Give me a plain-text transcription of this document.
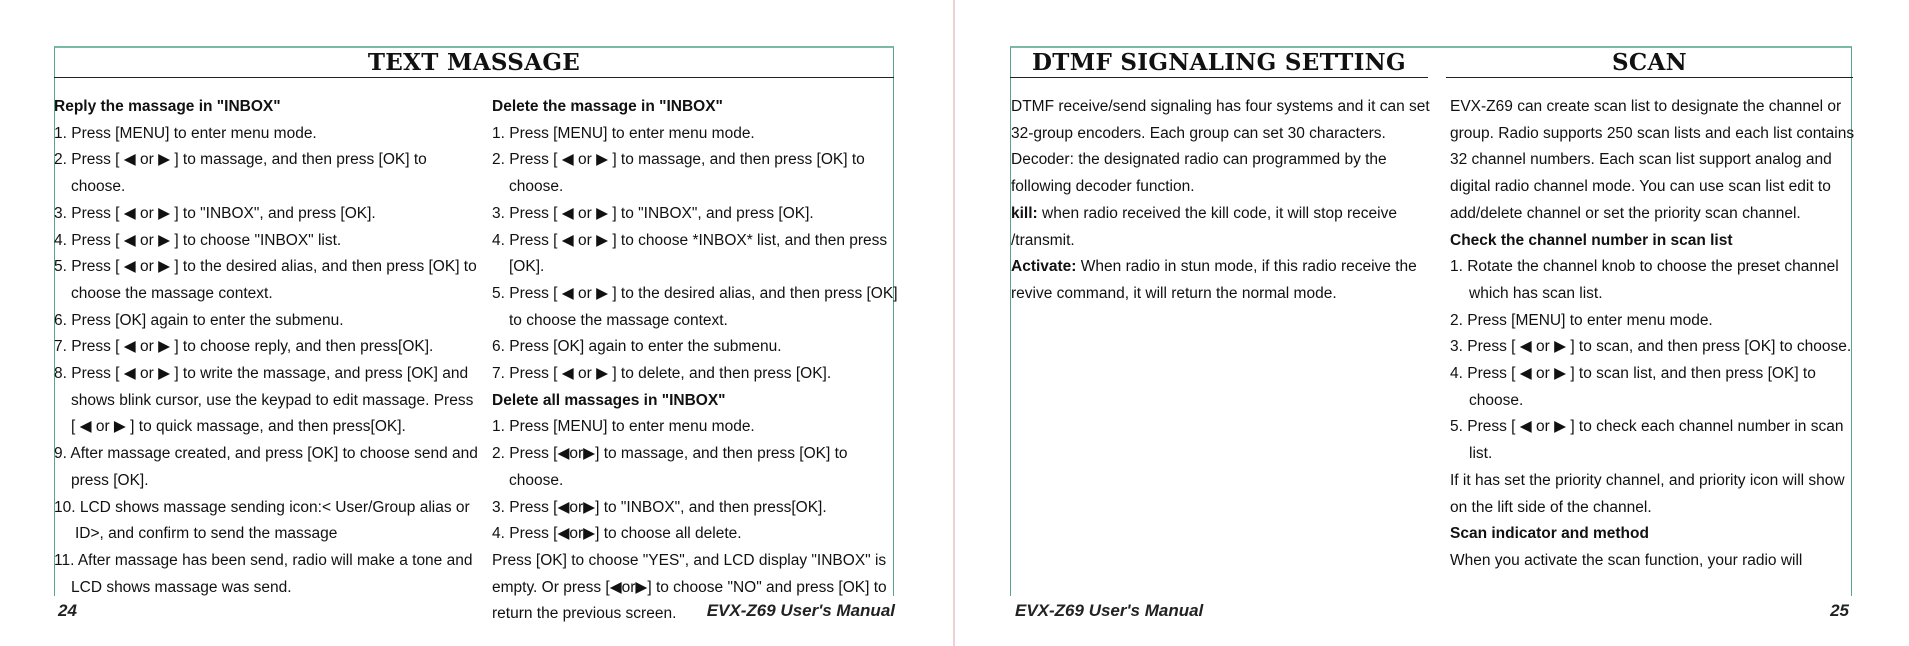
TEXT MASSAGE

Reply the massage in "INBOX"

1. Press [MENU] to enter menu mode.

2. Press [ ◀ or ▶ ] to massage, and then press [OK] to choose.

3. Press [ ◀ or ▶ ] to "INBOX", and press [OK].

4. Press [ ◀ or ▶ ] to choose "INBOX" list.

5. Press [ ◀ or ▶ ] to the desired alias, and then press [OK] to choose the massage context.

6. Press [OK] again to enter the submenu.

7. Press [ ◀ or ▶ ] to choose reply, and then press[OK].

8. Press [ ◀ or ▶ ] to write the massage, and press [OK] and shows blink cursor, use the keypad to edit massage. Press [ ◀ or ▶ ] to quick massage, and then press[OK].

9. After massage created, and press [OK] to choose send and press [OK].

10. LCD shows massage sending icon:< User/Group alias or ID>, and confirm to send the massage

11. After massage has been send, radio will make a tone and LCD shows massage was send.

Delete the massage in "INBOX"

1. Press [MENU] to enter menu mode.

2. Press [ ◀ or ▶ ] to massage, and then press [OK] to choose.

3. Press [ ◀ or ▶ ] to "INBOX", and press [OK].

4. Press [ ◀ or ▶ ] to choose *INBOX* list, and then press [OK].

5. Press [ ◀ or ▶ ] to the desired alias, and then press [OK] to choose the massage context.

6. Press [OK] again to enter the submenu.

7. Press [ ◀ or ▶ ] to delete, and then press [OK].

Delete all massages in "INBOX"

1. Press [MENU] to enter menu mode.

2. Press [◀or▶] to massage, and then press [OK] to choose.

3. Press [◀or▶] to "INBOX", and then press[OK].

4. Press [◀or▶] to choose all delete.

Press [OK] to choose "YES", and LCD display "INBOX" is empty. Or press [◀or▶] to choose "NO" and press [OK] to return the previous screen.

24	EVX-Z69 User's Manual
DTMF SIGNALING SETTING	SCAN

DTMF receive/send signaling has four systems and it can set 32-group encoders. Each group can set 30 characters.

Decoder: the designated radio can programmed by the following decoder function.

kill: when radio received the kill code, it will stop receive /transmit.

Activate: When radio in stun mode, if this radio receive the revive command, it will return the normal mode.

EVX-Z69 can create scan list to designate the channel or group. Radio supports 250 scan lists and each list contains 32 channel numbers. Each scan list support analog and digital radio channel mode. You can use scan list edit to add/delete channel or set the priority scan channel.

Check the channel number in scan list

1. Rotate the channel knob to choose the preset channel which has scan list.

2. Press [MENU] to enter menu mode.

3. Press [ ◀ or ▶ ] to scan, and then press [OK] to choose.

4. Press [ ◀ or ▶ ] to scan list, and then press [OK] to choose.

5. Press [ ◀ or ▶ ] to check each channel number in scan list.

If it has set the priority channel, and priority icon will show on the lift side of the channel.

Scan indicator and method

When you activate the scan function, your radio will

EVX-Z69 User's Manual	25
